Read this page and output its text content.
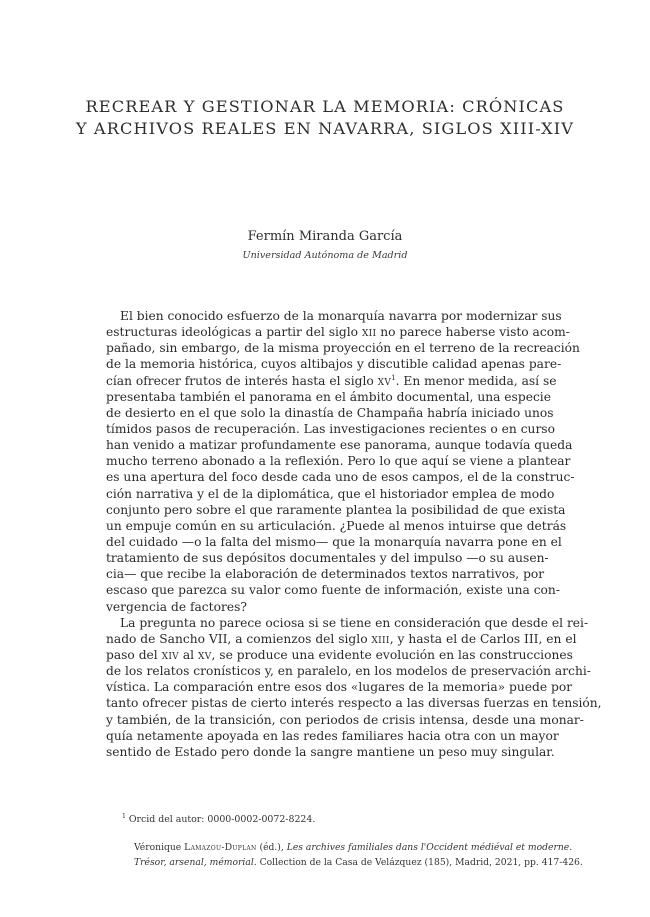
RECREAR Y GESTIONAR LA MEMORIA: CRÓNICAS
Y ARCHIVOS REALES EN NAVARRA, SIGLOS XIII-XIV

Fermín Miranda García

Universidad Autónoma de Madrid

El bien conocido esfuerzo de la monarquía navarra por modernizar sus
estructuras ideológicas a partir del siglo xii no parece haberse visto acom-
pañado, sin embargo, de la misma proyección en el terreno de la recreación
de la memoria histórica, cuyos altibajos y discutible calidad apenas pare-
cían ofrecer frutos de interés hasta el siglo $xv^1$. En menor medida, así se
presentaba también el panorama en el ámbito documental, una especie
de desierto en el que solo la dinastía de Champaña habría iniciado unos
tímidos pasos de recuperación. Las investigaciones recientes o en curso
han venido a matizar profundamente ese panorama, aunque todavía queda
mucho terreno abonado a la reflexión. Pero lo que aquí se viene a plantear
es una apertura del foco desde cada uno de esos campos, el de la construc-
ción narrativa y el de la diplomática, que el historiador emplea de modo
conjunto pero sobre el que raramente plantea la posibilidad de que exista
un empuje común en su articulación. ¿Puede al menos intuirse que detrás
del cuidado —o la falta del mismo— que la monarquía navarra pone en el
tratamiento de sus depósitos documentales y del impulso —o su ausen-
cia— que recibe la elaboración de determinados textos narrativos, por
escaso que parezca su valor como fuente de información, existe una con-
vergencia de factores?
La pregunta no parece ociosa si se tiene en consideración que desde el rei-
nado de Sancho VII, a comienzos del siglo xiii, y hasta el de Carlos III, en el
paso del xiv al xv, se produce una evidente evolución en las construcciones
de los relatos cronísticos y, en paralelo, en los modelos de preservación archi-
vística. La comparación entre esos dos «lugares de la memoria» puede por
tanto ofrecer pistas de cierto interés respecto a las diversas fuerzas en tensión,
y también, de la transición, con periodos de crisis intensa, desde una monar-
quía netamente apoyada en las redes familiares hacia otra con un mayor
sentido de Estado pero donde la sangre mantiene un peso muy singular.

$^1$ Orcid del autor: 0000-0002-0072-8224.

Véronique Lamazou-Duplan (éd.), Les archives familiales dans l'Occident médiéval et moderne.
Trésor, arsenal, mémorial. Collection de la Casa de Velázquez (185), Madrid, 2021, pp. 417-426.
